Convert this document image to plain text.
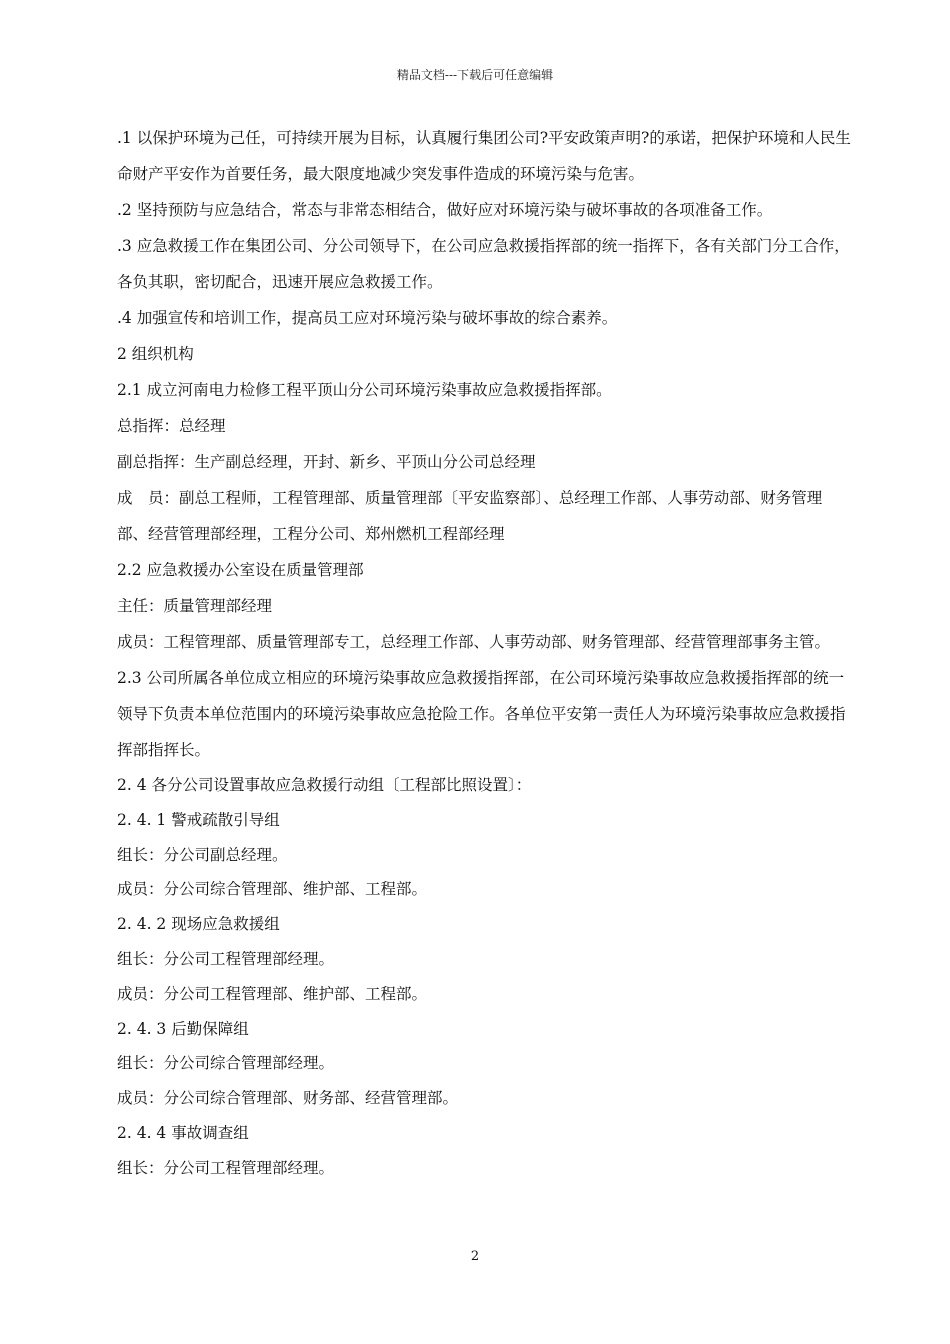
精品文档---下载后可任意编辑

.1 以保护环境为己任，可持续开展为目标，认真履行集团公司?平安政策声明?的承诺，把保护环境和人民生命财产平安作为首要任务，最大限度地减少突发事件造成的环境污染与危害。

.2 坚持预防与应急结合，常态与非常态相结合，做好应对环境污染与破坏事故的各项准备工作。

.3 应急救援工作在集团公司、分公司领导下，在公司应急救援指挥部的统一指挥下，各有关部门分工合作，各负其职，密切配合，迅速开展应急救援工作。

.4 加强宣传和培训工作，提高员工应对环境污染与破坏事故的综合素养。

2 组织机构

2.1 成立河南电力检修工程平顶山分公司环境污染事故应急救援指挥部。

总指挥：总经理

副总指挥：生产副总经理，开封、新乡、平顶山分公司总经理

成　员：副总工程师，工程管理部、质量管理部〔平安监察部〕、总经理工作部、人事劳动部、财务管理部、经营管理部经理，工程分公司、郑州燃机工程部经理

2.2 应急救援办公室设在质量管理部

主任：质量管理部经理

成员：工程管理部、质量管理部专工，总经理工作部、人事劳动部、财务管理部、经营管理部事务主管。

2.3 公司所属各单位成立相应的环境污染事故应急救援指挥部，在公司环境污染事故应急救援指挥部的统一领导下负责本单位范围内的环境污染事故应急抢险工作。各单位平安第一责任人为环境污染事故应急救援指挥部指挥长。

2. 4 各分公司设置事故应急救援行动组〔工程部比照设置〕：

2. 4. 1 警戒疏散引导组

组长：分公司副总经理。

成员：分公司综合管理部、维护部、工程部。

2. 4. 2 现场应急救援组

组长：分公司工程管理部经理。

成员：分公司工程管理部、维护部、工程部。

2. 4. 3 后勤保障组

组长：分公司综合管理部经理。

成员：分公司综合管理部、财务部、经营管理部。

2. 4. 4 事故调查组

组长：分公司工程管理部经理。

2
